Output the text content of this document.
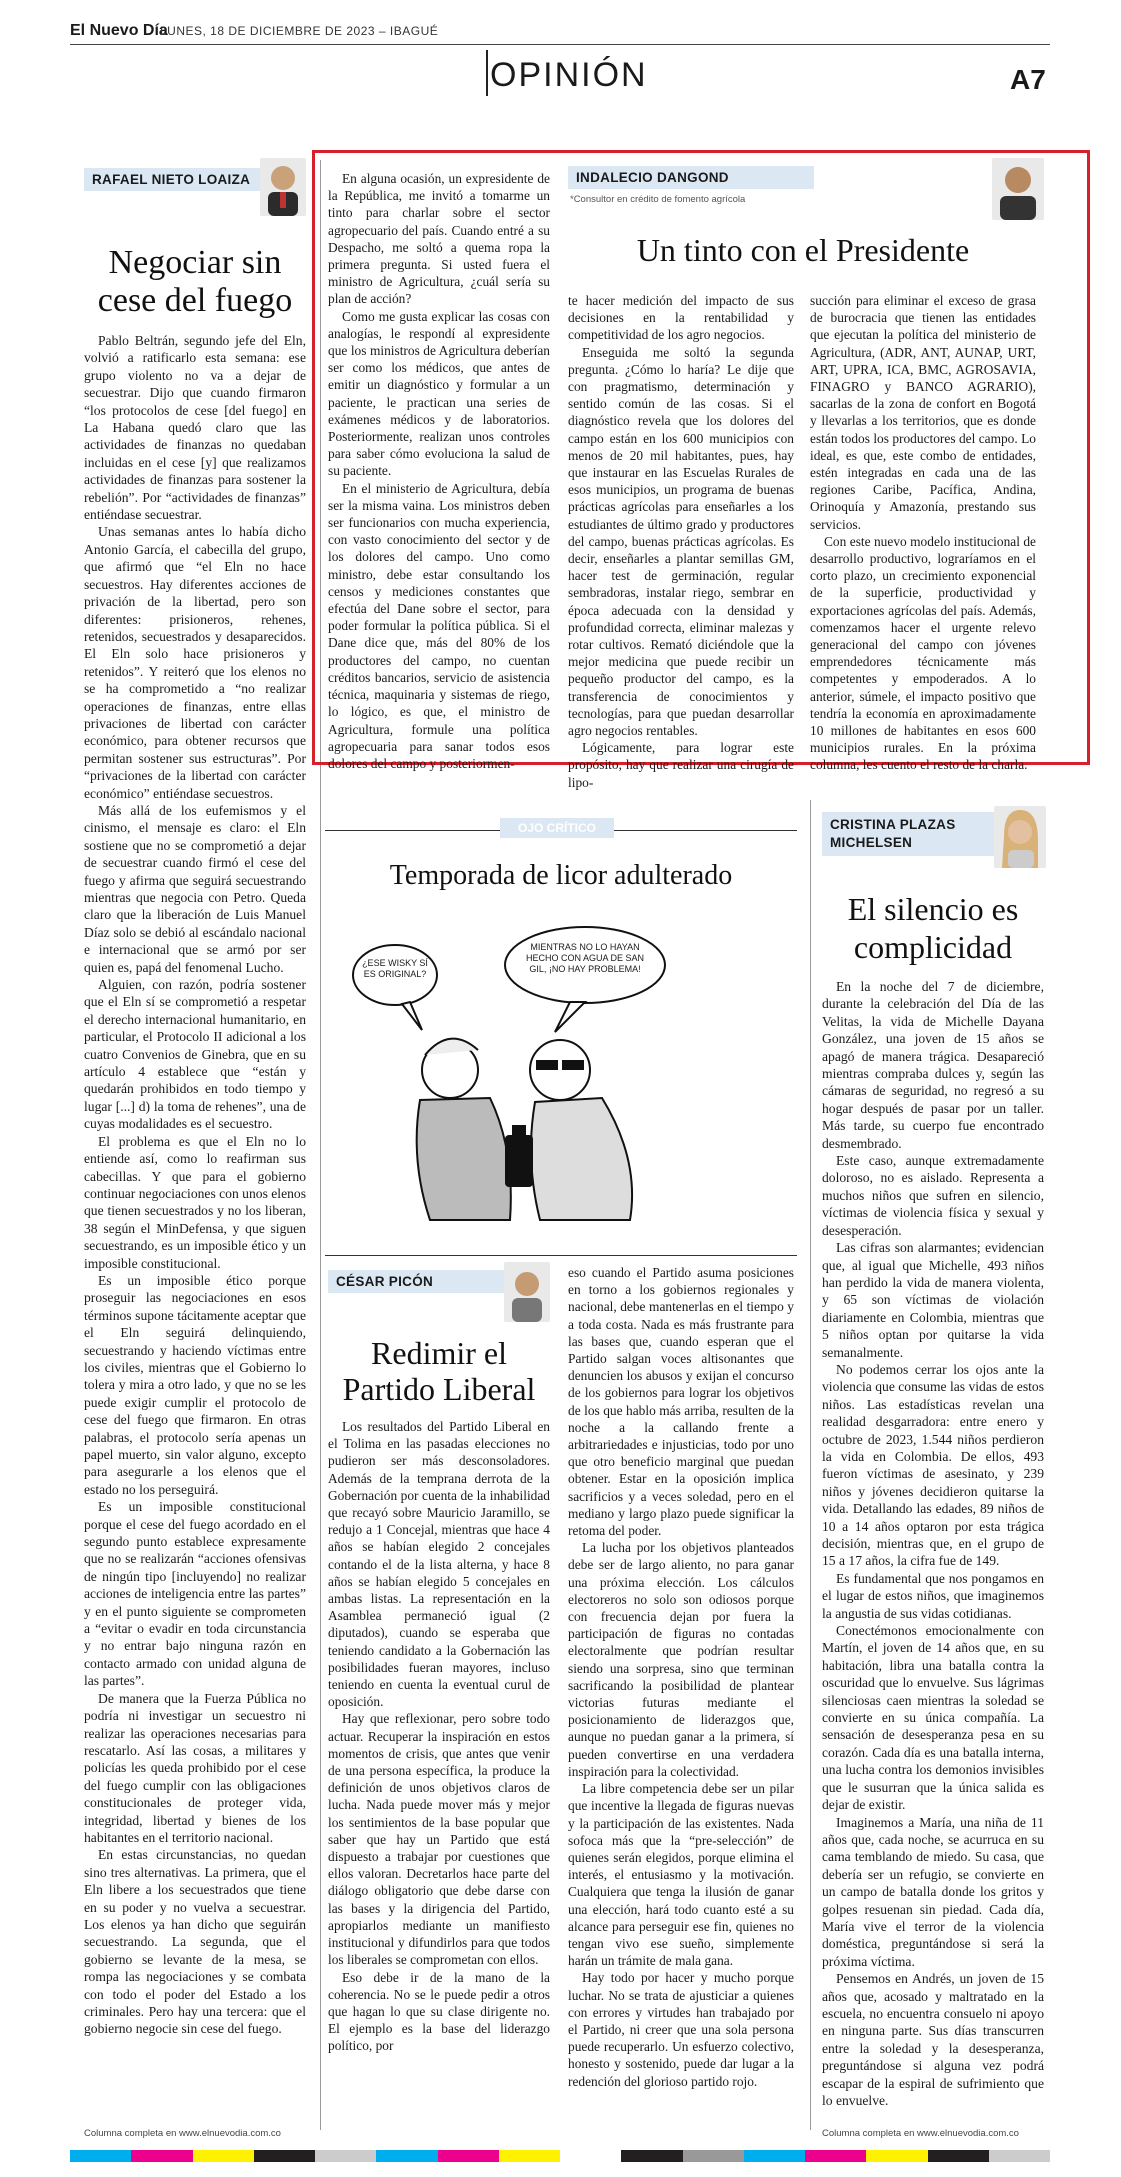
El Nuevo Día
LUNES, 18 DE DICIEMBRE DE 2023 – IBAGUÉ
OPINIÓN	A7
RAFAEL NIETO LOAIZA
Negociar sin
cese del fuego

Pablo Beltrán, segundo jefe del Eln, volvió a ratificarlo esta semana: ese grupo violento no va a dejar de secuestrar. Dijo que cuando firmaron “los protocolos de cese [del fuego] en La Habana quedó claro que las actividades de finanzas no quedaban incluidas en el cese [y] que realizamos actividades de finanzas para sostener la rebelión”. Por “actividades de finanzas” entiéndase secuestrar.

Unas semanas antes lo había dicho Antonio García, el cabecilla del grupo, que afirmó que “el Eln no hace secuestros. Hay diferentes acciones de privación de la libertad, pero son diferentes: prisioneros, rehenes, retenidos, secuestrados y desaparecidos. El Eln solo hace prisioneros y retenidos”. Y reiteró que los elenos no se ha comprometido a “no realizar operaciones de finanzas, entre ellas privaciones de libertad con carácter económico, para obtener recursos que permitan sostener sus estructuras”. Por “privaciones de la libertad con carácter económico” entiéndase secuestros.

Más allá de los eufemismos y el cinismo, el mensaje es claro: el Eln sostiene que no se comprometió a dejar de secuestrar cuando firmó el cese del fuego y afirma que seguirá secuestrando mientras que negocia con Petro. Queda claro que la liberación de Luis Manuel Díaz solo se debió al escándalo nacional e internacional que se armó por ser quien es, papá del fenomenal Lucho.

Alguien, con razón, podría sostener que el Eln sí se comprometió a respetar el derecho internacional humanitario, en particular, el Protocolo II adicional a los cuatro Convenios de Ginebra, que en su artículo 4 establece que “están y quedarán prohibidos en todo tiempo y lugar [...] d) la toma de rehenes”, una de cuyas modalidades es el secuestro.

El problema es que el Eln no lo entiende así, como lo reafirman sus cabecillas. Y que para el gobierno continuar negociaciones con unos elenos que tienen secuestrados y no los liberan, 38 según el MinDefensa, y que siguen secuestrando, es un imposible ético y un imposible constitucional.

Es un imposible ético porque proseguir las negociaciones en esos términos supone tácitamente aceptar que el Eln seguirá delinquiendo, secuestrando y haciendo víctimas entre los civiles, mientras que el Gobierno lo tolera y mira a otro lado, y que no se les puede exigir cumplir el protocolo de cese del fuego que firmaron. En otras palabras, el protocolo sería apenas un papel muerto, sin valor alguno, excepto para asegurarle a los elenos que el estado no los perseguirá.

Es un imposible constitucional porque el cese del fuego acordado en el segundo punto establece expresamente que no se realizarán “acciones ofensivas de ningún tipo [incluyendo] no realizar acciones de inteligencia entre las partes” y en el punto siguiente se comprometen a “evitar o evadir en toda circunstancia y no entrar bajo ninguna razón en contacto armado con unidad alguna de las partes”.

De manera que la Fuerza Pública no podría ni investigar un secuestro ni realizar las operaciones necesarias para rescatarlo. Así las cosas, a militares y policías les queda prohibido por el cese del fuego cumplir con las obligaciones constitucionales de proteger vida, integridad, libertad y bienes de los habitantes en el territorio nacional.

En estas circunstancias, no quedan sino tres alternativas. La primera, que el Eln libere a los secuestrados que tiene en su poder y no vuelva a secuestrar. Los elenos ya han dicho que seguirán secuestrando. La segunda, que el gobierno se levante de la mesa, se rompa las negociaciones y se combata con todo el poder del Estado a los criminales. Pero hay una tercera: que el gobierno negocie sin cese del fuego.

Columna completa en www.elnuevodia.com.co

En alguna ocasión, un expresidente de la República, me invitó a tomarme un tinto para charlar sobre el sector agropecuario del país. Cuando entré a su Despacho, me soltó a quema ropa la primera pregunta. Si usted fuera el ministro de Agricultura, ¿cuál sería su plan de acción?

Como me gusta explicar las cosas con analogías, le respondí al expresidente que los ministros de Agricultura deberían ser como los médicos, que antes de emitir un diagnóstico y formular a un paciente, le practican una series de exámenes médicos y de laboratorios. Posteriormente, realizan unos controles para saber cómo evoluciona la salud de su paciente.

En el ministerio de Agricultura, debía ser la misma vaina. Los ministros deben ser funcionarios con mucha experiencia, con vasto conocimiento del sector y de los dolores del campo. Uno como ministro, debe estar consultando los censos y mediciones constantes que efectúa del Dane sobre el sector, para poder formular la política pública. Si el Dane dice que, más del 80% de los productores del campo, no cuentan créditos bancarios, servicio de asistencia técnica, maquinaria y sistemas de riego, lo lógico, es que, el ministro de Agricultura, formule una política agropecuaria para sanar todos esos dolores del campo y posteriormen-

INDALECIO DANGOND
*Consultor en crédito de fomento agrícola
Un tinto con el Presidente

te hacer medición del impacto de sus decisiones en la rentabilidad y competitividad de los agro negocios.

Enseguida me soltó la segunda pregunta. ¿Cómo lo haría? Le dije que con pragmatismo, determinación y sentido común de las cosas. Si el diagnóstico revela que los dolores del campo están en los 600 municipios con menos de 20 mil habitantes, pues, hay que instaurar en las Escuelas Rurales de esos municipios, un programa de buenas prácticas agrícolas para enseñarles a los estudiantes de último grado y productores del campo, buenas prácticas agrícolas. Es decir, enseñarles a plantar semillas GM, hacer test de germinación, regular sembradoras, instalar riego, sembrar en época adecuada con la densidad y profundidad correcta, eliminar malezas y rotar cultivos. Remató diciéndole que la mejor medicina que puede recibir un pequeño productor del campo, es la transferencia de conocimientos y tecnologías, para que puedan desarrollar agro negocios rentables.

Lógicamente, para lograr este propósito, hay que realizar una cirugía de lipo-

succión para eliminar el exceso de grasa de burocracia que tienen las entidades que ejecutan la política del ministerio de Agricultura, (ADR, ANT, AUNAP, URT, ART, UPRA, ICA, BMC, AGROSAVIA, FINAGRO y BANCO AGRARIO), sacarlas de la zona de confort en Bogotá y llevarlas a los territorios, que es donde están todos los productores del campo. Lo ideal, es que, este combo de entidades, estén integradas en cada una de las regiones Caribe, Pacífica, Andina, Orinoquía y Amazonía, prestando sus servicios.

Con este nuevo modelo institucional de desarrollo productivo, lograríamos en el corto plazo, un crecimiento exponencial de la superficie, productividad y exportaciones agrícolas del país. Además, comenzamos hacer el urgente relevo generacional del campo con jóvenes emprendedores técnicamente más competentes y empoderados. A lo anterior, súmele, el impacto positivo que tendría la economía en aproximadamente 10 millones de habitantes en esos 600 municipios rurales. En la próxima columna, les cuento el resto de la charla.

OJO CRÍTICO
Temporada de licor adulterado
¿ESE WISKY SÍ ES ORIGINAL?
MIENTRAS NO LO HAYAN HECHO CON AGUA DE SAN GIL, ¡NO HAY PROBLEMA!
CÉSAR PICÓN
Redimir el
Partido Liberal

Los resultados del Partido Liberal en el Tolima en las pasadas elecciones no pudieron ser más desconsoladores. Además de la temprana derrota de la Gobernación por cuenta de la inhabilidad que recayó sobre Mauricio Jaramillo, se redujo a 1 Concejal, mientras que hace 4 años se habían elegido 2 concejales contando el de la lista alterna, y hace 8 años se habían elegido 5 concejales en ambas listas. La representación en la Asamblea permaneció igual (2 diputados), cuando se esperaba que teniendo candidato a la Gobernación las posibilidades fueran mayores, incluso teniendo en cuenta la eventual curul de oposición.

Hay que reflexionar, pero sobre todo actuar. Recuperar la inspiración en estos momentos de crisis, que antes que venir de una persona específica, la produce la definición de unos objetivos claros de lucha. Nada puede mover más y mejor los sentimientos de la base popular que saber que hay un Partido que está dispuesto a trabajar por cuestiones que ellos valoran. Decretarlos hace parte del diálogo obligatorio que debe darse con las bases y la dirigencia del Partido, apropiarlos mediante un manifiesto institucional y difundirlos para que todos los liberales se comprometan con ellos.

Eso debe ir de la mano de la coherencia. No se le puede pedir a otros que hagan lo que su clase dirigente no. El ejemplo es la base del liderazgo político, por

eso cuando el Partido asuma posiciones en torno a los gobiernos regionales y nacional, debe mantenerlas en el tiempo y a toda costa. Nada es más frustrante para las bases que, cuando esperan que el Partido salgan voces altisonantes que denuncien los abusos y exijan el concurso de los gobiernos para lograr los objetivos de los que hablo más arriba, resulten de la noche a la callando frente a arbitrariedades e injusticias, todo por uno que otro beneficio marginal que puedan obtener. Estar en la oposición implica sacrificios y a veces soledad, pero en el mediano y largo plazo puede significar la retoma del poder.

La lucha por los objetivos planteados debe ser de largo aliento, no para ganar una próxima elección. Los cálculos electoreros no solo son odiosos porque con frecuencia dejan por fuera la participación de figuras no contadas electoralmente que podrían resultar siendo una sorpresa, sino que terminan sacrificando la posibilidad de plantear victorias futuras mediante el posicionamiento de liderazgos que, aunque no puedan ganar a la primera, sí pueden convertirse en una verdadera inspiración para la colectividad.

La libre competencia debe ser un pilar que incentive la llegada de figuras nuevas y la participación de las existentes. Nada sofoca más que la “pre-selección” de quienes serán elegidos, porque elimina el interés, el entusiasmo y la motivación. Cualquiera que tenga la ilusión de ganar una elección, hará todo cuanto esté a su alcance para perseguir ese fin, quienes no tengan vivo ese sueño, simplemente harán un trámite de mala gana.

Hay todo por hacer y mucho porque luchar. No se trata de ajusticiar a quienes con errores y virtudes han trabajado por el Partido, ni creer que una sola persona puede recuperarlo. Un esfuerzo colectivo, honesto y sostenido, puede dar lugar a la redención del glorioso partido rojo.

CRISTINA PLAZAS
MICHELSEN
El silencio es
complicidad

En la noche del 7 de diciembre, durante la celebración del Día de las Velitas, la vida de Michelle Dayana González, una joven de 15 años se apagó de manera trágica. Desapareció mientras compraba dulces y, según las cámaras de seguridad, no regresó a su hogar después de pasar por un taller. Más tarde, su cuerpo fue encontrado desmembrado.

Este caso, aunque extremadamente doloroso, no es aislado. Representa a muchos niños que sufren en silencio, víctimas de violencia física y sexual y desesperación.

Las cifras son alarmantes; evidencian que, al igual que Michelle, 493 niños han perdido la vida de manera violenta, y 65 son víctimas de violación diariamente en Colombia, mientras que 5 niños optan por quitarse la vida semanalmente.

No podemos cerrar los ojos ante la violencia que consume las vidas de estos niños. Las estadísticas revelan una realidad desgarradora: entre enero y octubre de 2023, 1.544 niños perdieron la vida en Colombia. De ellos, 493 fueron víctimas de asesinato, y 239 niños y jóvenes decidieron quitarse la vida. Detallando las edades, 89 niños de 10 a 14 años optaron por esta trágica decisión, mientras que, en el grupo de 15 a 17 años, la cifra fue de 149.

Es fundamental que nos pongamos en el lugar de estos niños, que imaginemos la angustia de sus vidas cotidianas.

Conectémonos emocionalmente con Martín, el joven de 14 años que, en su habitación, libra una batalla contra la oscuridad que lo envuelve. Sus lágrimas silenciosas caen mientras la soledad se convierte en su única compañía. La sensación de desesperanza pesa en su corazón. Cada día es una batalla interna, una lucha contra los demonios invisibles que le susurran que la única salida es dejar de existir.

Imaginemos a María, una niña de 11 años que, cada noche, se acurruca en su cama temblando de miedo. Su casa, que debería ser un refugio, se convierte en un campo de batalla donde los gritos y golpes resuenan sin piedad. Cada día, María vive el terror de la violencia doméstica, preguntándose si será la próxima víctima.

Pensemos en Andrés, un joven de 15 años que, acosado y maltratado en la escuela, no encuentra consuelo ni apoyo en ninguna parte. Sus días transcurren entre la soledad y la desesperanza, preguntándose si alguna vez podrá escapar de la espiral de sufrimiento que lo envuelve.

Columna completa en www.elnuevodia.com.co
